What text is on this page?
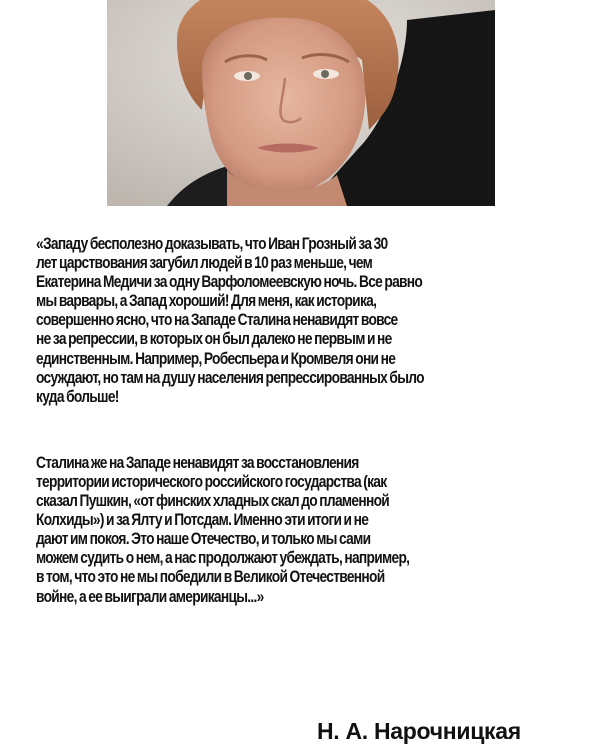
«Западу бесполезно доказывать, что Иван Грозный за 30
лет царствования загубил людей в 10 раз меньше, чем
Екатерина Медичи за одну Варфоломеевскую ночь. Все равно
мы варвары, а Запад хороший! Для меня, как историка,
совершенно ясно, что на Западе Сталина ненавидят вовсе
не за репрессии, в которых он был далеко не первым и не
единственным. Например, Робеспьера и Кромвеля они не
осуждают, но там на душу населения репрессированных было
куда больше!

Сталина же на Западе ненавидят за восстановления
территории исторического российского государства (как
сказал Пушкин, «от финских хладных скал до пламенной
Колхиды») и за Ялту и Потсдам. Именно эти итоги и не
дают им покоя. Это наше Отечество, и только мы сами
можем судить о нем, а нас продолжают убеждать, например,
в том, что это не мы победили в Великой Отечественной
войне, а ее выиграли американцы...»

Н. А. Нарочницкая
